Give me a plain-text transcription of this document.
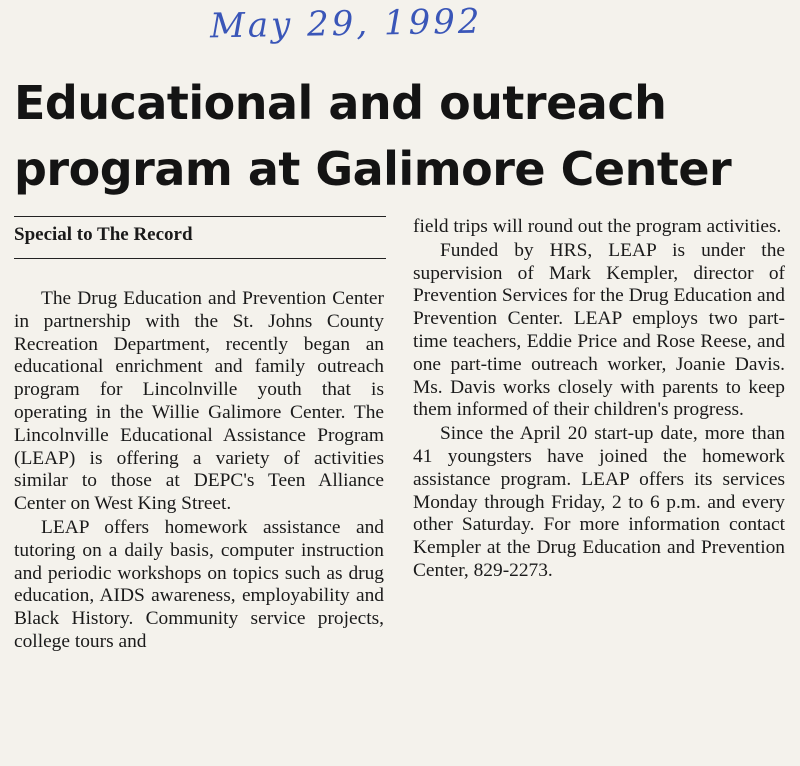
May 29, 1992
Educational and outreach program at Galimore Center
Special to The Record

The Drug Education and Prevention Center in partnership with the St. Johns County Recreation Department, recently began an educational enrichment and family outreach program for Lincolnville youth that is operating in the Willie Galimore Center. The Lincolnville Educational Assistance Program (LEAP) is offering a variety of activities similar to those at DEPC's Teen Alliance Center on West King Street.

LEAP offers homework assistance and tutoring on a daily basis, computer instruction and periodic workshops on topics such as drug education, AIDS awareness, employability and Black History. Community service projects, college tours and

field trips will round out the program activities.

Funded by HRS, LEAP is under the supervision of Mark Kempler, director of Prevention Services for the Drug Education and Prevention Center. LEAP employs two part-time teachers, Eddie Price and Rose Reese, and one part-time outreach worker, Joanie Davis. Ms. Davis works closely with parents to keep them informed of their children's progress.

Since the April 20 start-up date, more than 41 youngsters have joined the homework assistance program. LEAP offers its services Monday through Friday, 2 to 6 p.m. and every other Saturday. For more information contact Kempler at the Drug Education and Prevention Center, 829-2273.
